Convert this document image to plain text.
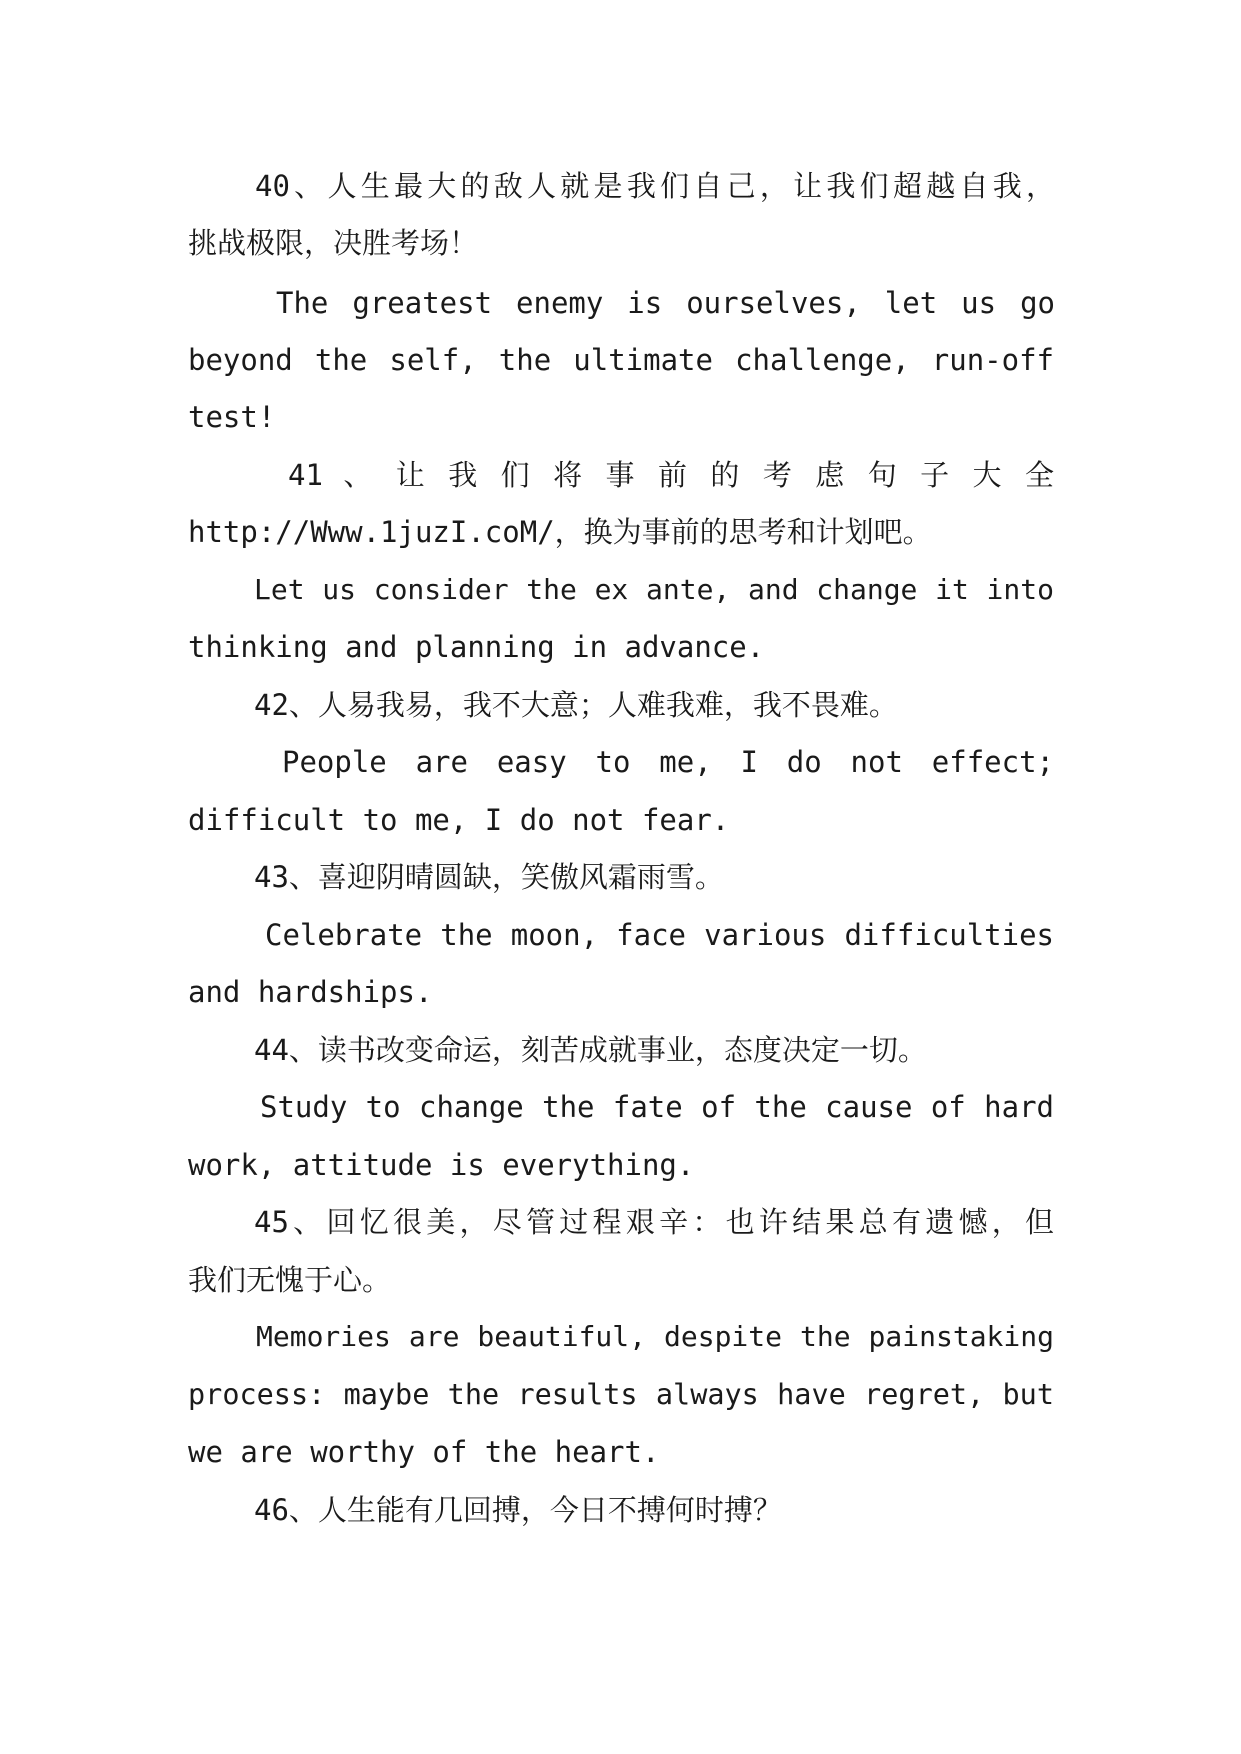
40、人生最大的敌人就是我们自己，让我们超越自我，
挑战极限，决胜考场！
The greatest enemy is ourselves, let us go
beyond the self, the ultimate challenge, run-off
test!
41 、 让 我 们 将 事 前 的 考 虑 句 子 大 全
http://Www.1juzI.coM/，换为事前的思考和计划吧。
Let us consider the ex ante, and change it into
thinking and planning in advance.
42、人易我易，我不大意；人难我难，我不畏难。
People are easy to me, I do not effect;
difficult to me, I do not fear.
43、喜迎阴晴圆缺，笑傲风霜雨雪。
Celebrate the moon, face various difficulties
and hardships.
44、读书改变命运，刻苦成就事业，态度决定一切。
Study to change the fate of the cause of hard
work, attitude is everything.
45、回忆很美，尽管过程艰辛：也许结果总有遗憾，但
我们无愧于心。
Memories are beautiful, despite the painstaking
process: maybe the results always have regret, but
we are worthy of the heart.
46、人生能有几回搏，今日不搏何时搏？
